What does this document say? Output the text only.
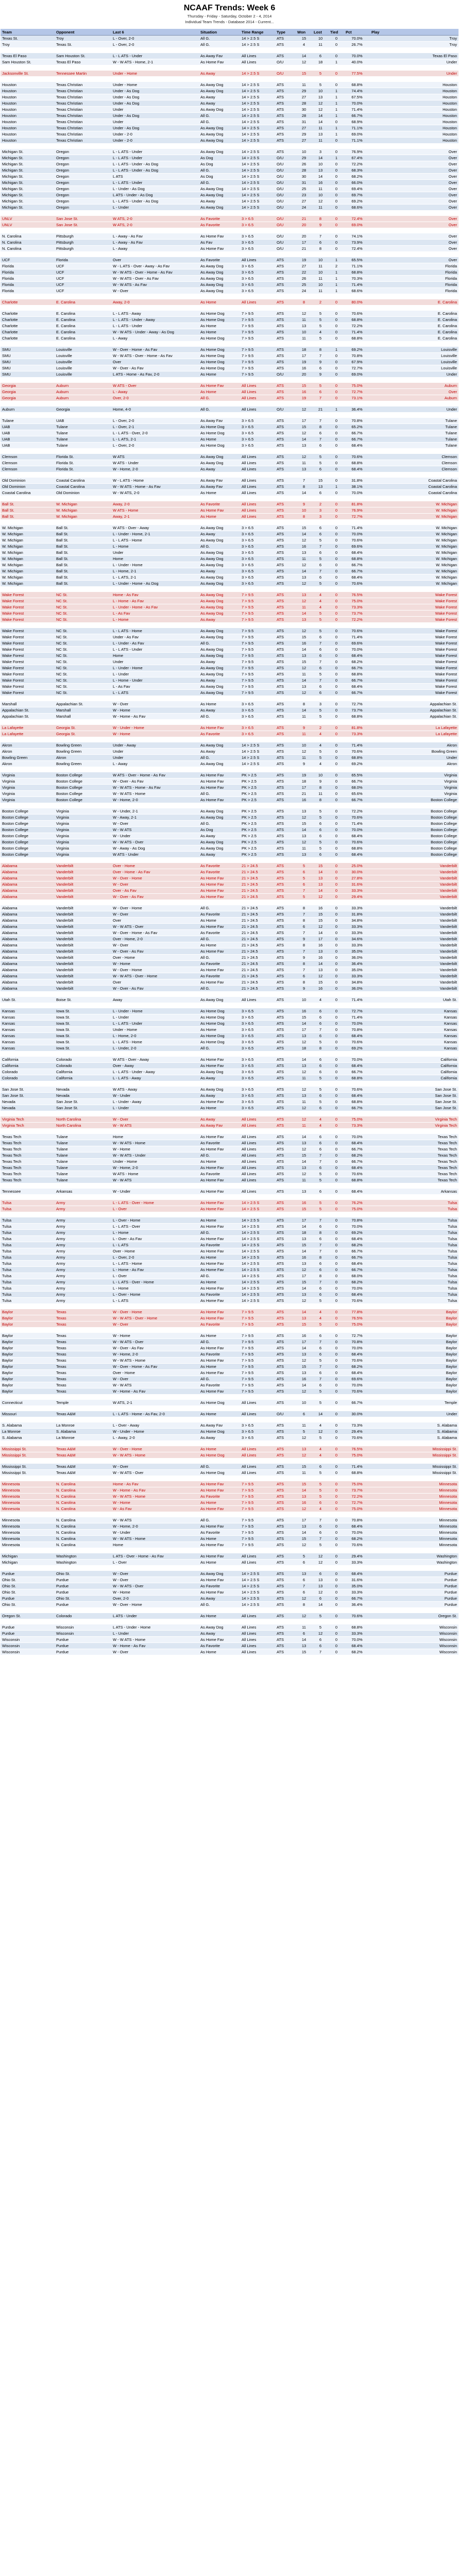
NCAAF Trends: Week 6
Thursday - Friday - Saturday, October 2 - 4, 2014
Individual Team Trends - Database 2014 - Current...
Team	Opponent	Last 6	Situation	Time Range	Type	Won	Lost	Tied	Pct	Play
Texas St.	Troy	L - Over, 2-0	All G.	14 > 2.5 S	ATS	15	10	0	70.0%	Troy
Troy	Texas St.	L - Over, 2-0	All G.	14 > 2.5 S	ATS	4	11	0	26.7%	Troy

Texas El Paso	Sam Houston St.	L - L ATS - Under	As Away Fav	All Lines	ATS	14	6	0	70.0%	Texas El Paso
Sam Houston St.	Texas El Paso	W - W ATS - Home, 2-1	As Home Fav	All Lines	O/U	12	18	1	40.0%	Under

Jacksonville St.	Tennessee Martin	Under - Home	As Away	14 > 2.5 S	O/U	15	5	0	77.5%	Under

Houston	Texas Christian	Under - Home	As Away Dog	14 > 2.5 S	ATS	11	5	0	68.8%	Houston
Houston	Texas Christian	Under - As Dog	As Away Dog	14 > 2.5 S	ATS	29	10	1	74.4%	Houston
Houston	Texas Christian	Under - As Dog	As Away	14 > 2.5 S	ATS	27	13	1	67.5%	Houston
Houston	Texas Christian	Under - As Dog	As Away	14 > 2.5 S	ATS	28	12	1	70.0%	Houston
Houston	Texas Christian	Under	As Away Dog	14 > 2.5 S	ATS	30	12	1	71.4%	Houston
Houston	Texas Christian	Under - As Dog	All G.	14 > 2.5 S	ATS	28	14	1	66.7%	Houston
Houston	Texas Christian	Under	All G.	14 > 2.5 S	ATS	31	14	0	68.9%	Houston
Houston	Texas Christian	Under - As Dog	As Away Dog	14 > 2.5 S	ATS	27	11	1	71.1%	Houston
Houston	Texas Christian	Under - 2-0	As Away Dog	14 > 2.5 S	ATS	29	13	1	69.0%	Houston
Houston	Texas Christian	Under - 2-0	As Away Dog	14 > 2.5 S	ATS	27	11	0	71.1%	Houston

Michigan St.	Oregon	L - L ATS - Under	As Away Dog	14 > 2.5 S	ATS	10	3	0	76.9%	Over
Michigan St.	Oregon	L - L ATS - Under	As Dog	14 > 2.5 S	O/U	29	14	1	67.4%	Over
Michigan St.	Oregon	L - L ATS - Under - As Dog	As Dog	14 > 2.5 S	O/U	26	10	0	72.2%	Over
Michigan St.	Oregon	L - L ATS - Under - As Dog	All G.	14 > 2.5 S	O/U	28	13	0	68.3%	Over
Michigan St.	Oregon	L ATS	As Dog	14 > 2.5 S	O/U	30	14	0	68.2%	Over
Michigan St.	Oregon	L - L ATS - Under	All G.	14 > 2.5 S	O/U	31	16	0	66.0%	Over
Michigan St.	Oregon	L - Under - As Dog	As Away Dog	14 > 2.5 S	O/U	25	11	0	69.4%	Over
Michigan St.	Oregon	L ATS - Under - As Dog	As Away Dog	14 > 2.5 S	O/U	23	10	0	69.7%	Over
Michigan St.	Oregon	L - L ATS - Under - As Dog	As Away	14 > 2.5 S	O/U	27	12	0	69.2%	Over
Michigan St.	Oregon	L - Under	As Away Dog	14 > 2.5 S	O/U	24	11	0	68.6%	Over

UNLV	San Jose St.	W ATS, 2-0	As Favorite	3 > 6.5	O/U	21	8	0	72.4%	Over
UNLV	San Jose St.	W ATS, 2-0	As Favorite	3 > 6.5	O/U	20	9	0	69.0%	Over

N. Carolina	Pittsburgh	L - Away - As Fav	As Home Fav	3 > 6.5	O/U	20	7	0	74.1%	Over
N. Carolina	Pittsburgh	L - Away - As Fav	As Fav	3 > 6.5	O/U	17	6	0	73.9%	Over
N. Carolina	Pittsburgh	L - Away	As Home Fav	3 > 6.5	O/U	21	8	0	72.4%	Over

UCF	Florida	Over	As Favorite	All Lines	ATS	19	10	1	65.5%	Over
Florida	UCF	W - L ATS - Over - Away - As Fav	As Away Dog	3 > 6.5	ATS	27	11	2	71.1%	Florida
Florida	UCF	W - W ATS - Over - Home - As Fav	As Away Dog	3 > 6.5	ATS	22	10	1	68.8%	Florida
Florida	UCF	W - W ATS - Over - As Fav	As Away Dog	3 > 6.5	ATS	26	11	1	70.3%	Florida
Florida	UCF	W - W ATS - As Fav	As Away Dog	3 > 6.5	ATS	25	10	1	71.4%	Florida
Florida	UCF	W - Over	As Away Dog	3 > 6.5	ATS	24	11	1	68.6%	Florida

Charlotte	E. Carolina	Away, 2-0	As Home	All Lines	ATS	8	2	0	80.0%	E. Carolina

Charlotte	E. Carolina	L - L ATS - Away	As Home Dog	7 > 9.5	ATS	12	5	0	70.6%	E. Carolina
Charlotte	E. Carolina	L - L ATS - Under - Away	As Home Dog	7 > 9.5	ATS	11	5	0	68.8%	E. Carolina
Charlotte	E. Carolina	L - L ATS - Under	As Home	7 > 9.5	ATS	13	5	0	72.2%	E. Carolina
Charlotte	E. Carolina	W - W ATS - Under - Away - As Dog	As Home	7 > 9.5	ATS	10	4	0	71.4%	E. Carolina
Charlotte	E. Carolina	L - Away	As Home Dog	7 > 9.5	ATS	11	5	0	68.8%	E. Carolina

SMU	Louisville	W - Over - Home - As Fav	As Home Dog	7 > 9.5	ATS	18	8	1	69.2%	Louisville
SMU	Louisville	W - W ATS - Over - Home - As Fav	As Home Dog	7 > 9.5	ATS	17	7	0	70.8%	Louisville
SMU	Louisville	Over	As Home Dog	7 > 9.5	ATS	19	9	0	67.9%	Louisville
SMU	Louisville	W - Over - As Fav	As Home Dog	7 > 9.5	ATS	16	6	0	72.7%	Louisville
SMU	Louisville	L ATS - Home - As Fav, 2-0	As Home	7 > 9.5	O/U	20	9	0	69.0%	Under

Georgia	Auburn	W ATS - Over	As Home Fav	All Lines	ATS	15	5	0	75.0%	Auburn
Georgia	Auburn	L - Away	As Home	All Lines	ATS	16	6	0	72.7%	Over
Georgia	Auburn	Over, 2-0	All G.	All Lines	ATS	19	7	0	73.1%	Auburn

Auburn	Georgia	Home, 4-0	All G.	All Lines	O/U	12	21	1	36.4%	Under

Tulane	UAB	L - Over, 2-0	As Away Fav	3 > 6.5	ATS	17	7	0	70.8%	Tulane
UAB	Tulane	L - Over, 2-1	As Home Dog	3 > 6.5	ATS	15	8	0	65.2%	Tulane
UAB	Tulane	L - L ATS - Over, 2-0	As Home Dog	3 > 6.5	ATS	12	6	0	66.7%	Tulane
UAB	Tulane	L - L ATS, 2-1	As Home	3 > 6.5	ATS	14	7	0	66.7%	Tulane
UAB	Tulane	L - Over, 2-0	As Home Dog	3 > 6.5	ATS	13	6	0	68.4%	Tulane

Clemson	Florida St.	W ATS	As Away Dog	All Lines	ATS	12	5	0	70.6%	Clemson
Clemson	Florida St.	W ATS - Under	As Away Dog	All Lines	ATS	11	5	0	68.8%	Clemson
Clemson	Florida St.	W - Home, 2-0	As Away	All Lines	ATS	13	6	0	68.4%	Clemson

Old Dominion	Coastal Carolina	W - L ATS - Home	As Away Fav	All Lines	ATS	7	15	0	31.8%	Coastal Carolina
Old Dominion	Coastal Carolina	W - W ATS - Home - As Fav	As Away Fav	All Lines	ATS	8	13	1	38.1%	Coastal Carolina
Coastal Carolina	Old Dominion	W - W ATS, 2-0	As Home	All Lines	ATS	14	6	0	70.0%	Coastal Carolina

Ball St.	W. Michigan	Away, 2-0	As Favorite	All Lines	ATS	9	2	0	81.8%	W. Michigan
Ball St.	W. Michigan	W ATS - Home	As Home Fav	All Lines	ATS	10	3	0	76.9%	W. Michigan
Ball St.	W. Michigan	Away, 2-1	As Home	All Lines	ATS	8	3	0	72.7%	W. Michigan

W. Michigan	Ball St.	W ATS - Over - Away	As Away Dog	3 > 6.5	ATS	15	6	0	71.4%	W. Michigan
W. Michigan	Ball St.	L - Under - Home, 2-1	As Away	3 > 6.5	ATS	14	6	0	70.0%	W. Michigan
W. Michigan	Ball St.	L - L ATS - Home	As Away Dog	3 > 6.5	ATS	12	5	0	70.6%	W. Michigan
W. Michigan	Ball St.	L - Home	All G.	3 > 6.5	ATS	16	7	0	69.6%	W. Michigan
W. Michigan	Ball St.	Under	As Away Dog	3 > 6.5	ATS	13	6	0	68.4%	W. Michigan
W. Michigan	Ball St.	Home	As Away Dog	3 > 6.5	ATS	11	5	0	68.8%	W. Michigan
W. Michigan	Ball St.	L - Under - Home	As Away Dog	3 > 6.5	ATS	12	6	0	66.7%	W. Michigan
W. Michigan	Ball St.	L - Home, 2-1	As Away	3 > 6.5	ATS	14	7	0	66.7%	W. Michigan
W. Michigan	Ball St.	L - L ATS, 2-1	As Away Dog	3 > 6.5	ATS	13	6	0	68.4%	W. Michigan
W. Michigan	Ball St.	L - Under - Home - As Dog	As Away Dog	3 > 6.5	ATS	12	5	0	70.6%	W. Michigan

Wake Forest	NC St.	Home - As Fav	As Away Dog	7 > 9.5	ATS	13	4	0	76.5%	Wake Forest
Wake Forest	NC St.	L - Home - As Fav	As Away Dog	7 > 9.5	ATS	12	4	0	75.0%	Wake Forest
Wake Forest	NC St.	L - Under - Home - As Fav	As Away Dog	7 > 9.5	ATS	11	4	0	73.3%	Wake Forest
Wake Forest	NC St.	L - As Fav	As Away Dog	7 > 9.5	ATS	14	5	0	73.7%	Wake Forest
Wake Forest	NC St.	L - Home	As Away	7 > 9.5	ATS	13	5	0	72.2%	Wake Forest

Wake Forest	NC St.	L - L ATS - Home	As Away Dog	7 > 9.5	ATS	12	5	0	70.6%	Wake Forest
Wake Forest	NC St.	Under - As Fav	As Away Dog	7 > 9.5	ATS	15	6	0	71.4%	Wake Forest
Wake Forest	NC St.	L - Under - As Fav	All G.	7 > 9.5	ATS	16	7	0	69.6%	Wake Forest
Wake Forest	NC St.	L - L ATS - Under	As Away Dog	7 > 9.5	ATS	14	6	0	70.0%	Wake Forest
Wake Forest	NC St.	Home	As Away Dog	7 > 9.5	ATS	13	6	0	68.4%	Wake Forest
Wake Forest	NC St.	Under	As Away	7 > 9.5	ATS	15	7	0	68.2%	Wake Forest
Wake Forest	NC St.	L - Under - Home	As Away Dog	7 > 9.5	ATS	12	6	0	66.7%	Wake Forest
Wake Forest	NC St.	L - Under	As Away Dog	7 > 9.5	ATS	11	5	0	68.8%	Wake Forest
Wake Forest	NC St.	L - Home - Under	As Away	7 > 9.5	ATS	14	7	0	66.7%	Wake Forest
Wake Forest	NC St.	L - As Fav	As Away Dog	7 > 9.5	ATS	13	6	0	68.4%	Wake Forest
Wake Forest	NC St.	L - L ATS	As Away Dog	7 > 9.5	ATS	12	6	0	66.7%	Wake Forest

Marshall	Appalachian St.	W - Over	As Home	3 > 6.5	ATS	8	3	0	72.7%	Appalachian St.
Appalachian St.	Marshall	W - Home	As Away	3 > 6.5	ATS	14	5	0	73.7%	Appalachian St.
Appalachian St.	Marshall	W - Home - As Fav	All G.	3 > 6.5	ATS	11	5	0	68.8%	Appalachian St.

La Lafayette	Georgia St.	W - Under - Home	As Home Fav	3 > 6.5	ATS	9	2	0	81.8%	La Lafayette
La Lafayette	Georgia St.	W - Home	As Favorite	3 > 6.5	ATS	11	4	0	73.3%	La Lafayette

Akron	Bowling Green	Under - Away	As Away Dog	14 > 2.5 S	ATS	10	4	0	71.4%	Akron
Akron	Bowling Green	Under	As Away	14 > 2.5 S	ATS	12	5	0	70.6%	Bowling Green
Bowling Green	Akron	Under	All G.	14 > 2.5 S	ATS	11	5	0	68.8%	Under
Akron	Bowling Green	L - Away	As Away Dog	14 > 2.5 S	ATS	9	4	0	69.2%	Akron

Virginia	Boston College	W ATS - Over - Home - As Fav	As Home Fav	PK > 2.5	ATS	19	10	0	65.5%	Virginia
Virginia	Boston College	W - Over - As Fav	As Home Fav	PK > 2.5	ATS	18	9	0	66.7%	Virginia
Virginia	Boston College	W - W ATS - Home - As Fav	As Home Fav	PK > 2.5	ATS	17	8	0	68.0%	Virginia
Virginia	Boston College	W - W ATS - Home	All G.	PK > 2.5	ATS	21	11	0	65.6%	Virginia
Virginia	Boston College	W - Home, 2-0	As Home Fav	PK > 2.5	ATS	16	8	0	66.7%	Boston College

Boston College	Virginia	W - Under, 2-1	As Away Dog	PK > 2.5	ATS	13	5	0	72.2%	Boston College
Boston College	Virginia	W - Away, 2-1	As Away Dog	PK > 2.5	ATS	12	5	0	70.6%	Boston College
Boston College	Virginia	W - Over	All G.	PK > 2.5	ATS	15	6	0	71.4%	Boston College
Boston College	Virginia	W - W ATS	As Dog	PK > 2.5	ATS	14	6	0	70.0%	Boston College
Boston College	Virginia	W - Under	As Away	PK > 2.5	ATS	13	6	0	68.4%	Boston College
Boston College	Virginia	W - W ATS - Over	As Away Dog	PK > 2.5	ATS	12	5	0	70.6%	Boston College
Boston College	Virginia	W - Away - As Dog	As Away Dog	PK > 2.5	ATS	11	5	0	68.8%	Boston College
Boston College	Virginia	W ATS - Under	As Away	PK > 2.5	ATS	13	6	0	68.4%	Boston College

Alabama	Vanderbilt	Over - Home	As Favorite	21 > 24.5	ATS	5	15	0	25.0%	Vanderbilt
Alabama	Vanderbilt	Over - Home - As Fav	As Favorite	21 > 24.5	ATS	6	14	0	30.0%	Vanderbilt
Alabama	Vanderbilt	W - Over - Home	As Home Fav	21 > 24.5	ATS	5	13	0	27.8%	Vanderbilt
Alabama	Vanderbilt	W - Over	As Home Fav	21 > 24.5	ATS	6	13	0	31.6%	Vanderbilt
Alabama	Vanderbilt	Over - As Fav	As Home Fav	21 > 24.5	ATS	7	14	0	33.3%	Vanderbilt
Alabama	Vanderbilt	W - Over - As Fav	As Home Fav	21 > 24.5	ATS	5	12	0	29.4%	Vanderbilt

Alabama	Vanderbilt	W - Over - Home	All G.	21 > 24.5	ATS	8	16	0	33.3%	Vanderbilt
Alabama	Vanderbilt	W - Over	As Favorite	21 > 24.5	ATS	7	15	0	31.8%	Vanderbilt
Alabama	Vanderbilt	Over	As Home	21 > 24.5	ATS	8	15	0	34.8%	Vanderbilt
Alabama	Vanderbilt	W - W ATS - Over	As Home Fav	21 > 24.5	ATS	6	12	0	33.3%	Vanderbilt
Alabama	Vanderbilt	W - Over - Home - As Fav	As Favorite	21 > 24.5	ATS	7	14	0	33.3%	Vanderbilt
Alabama	Vanderbilt	Over - Home, 2-0	All G.	21 > 24.5	ATS	9	17	0	34.6%	Vanderbilt
Alabama	Vanderbilt	W - Over	As Home	21 > 24.5	ATS	8	16	0	33.3%	Vanderbilt
Alabama	Vanderbilt	W - Over - As Fav	As Home Fav	21 > 24.5	ATS	7	13	0	35.0%	Vanderbilt
Alabama	Vanderbilt	Over - Home	All G.	21 > 24.5	ATS	9	16	0	36.0%	Vanderbilt
Alabama	Vanderbilt	W - Home	As Favorite	21 > 24.5	ATS	8	14	0	36.4%	Vanderbilt
Alabama	Vanderbilt	W - Over - Home	As Home Fav	21 > 24.5	ATS	7	13	0	35.0%	Vanderbilt
Alabama	Vanderbilt	W - W ATS - Over - Home	As Favorite	21 > 24.5	ATS	6	12	0	33.3%	Vanderbilt
Alabama	Vanderbilt	Over	As Home Fav	21 > 24.5	ATS	8	15	0	34.8%	Vanderbilt
Alabama	Vanderbilt	W - Over - As Fav	All G.	21 > 24.5	ATS	9	16	0	36.0%	Vanderbilt

Utah St.	Boise St.	Away	As Away Dog	All Lines	ATS	10	4	0	71.4%	Utah St.

Kansas	Iowa St.	L - Under - Home	As Home Dog	3 > 6.5	ATS	16	6	0	72.7%	Kansas
Kansas	Iowa St.	L - Under	As Home Dog	3 > 6.5	ATS	15	6	0	71.4%	Kansas
Kansas	Iowa St.	L - L ATS - Under	As Home Dog	3 > 6.5	ATS	14	6	0	70.0%	Kansas
Kansas	Iowa St.	Under - Home	As Home	3 > 6.5	ATS	17	7	0	70.8%	Kansas
Kansas	Iowa St.	L - Home, 2-0	As Home Dog	3 > 6.5	ATS	13	6	0	68.4%	Kansas
Kansas	Iowa St.	L - L ATS - Home	As Home Dog	3 > 6.5	ATS	12	5	0	70.6%	Kansas
Kansas	Iowa St.	L - Under, 2-0	All G.	3 > 6.5	ATS	18	8	0	69.2%	Kansas

California	Colorado	W ATS - Over - Away	As Home Fav	3 > 6.5	ATS	14	6	0	70.0%	California
California	Colorado	Over - Away	As Home Fav	3 > 6.5	ATS	13	6	0	68.4%	California
Colorado	California	L - L ATS - Under - Away	As Away Dog	3 > 6.5	ATS	12	6	0	66.7%	California
Colorado	California	L - L ATS - Away	As Away	3 > 6.5	ATS	11	5	0	68.8%	California

San Jose St.	Nevada	W ATS - Away	As Away Dog	3 > 6.5	ATS	12	5	0	70.6%	San Jose St.
San Jose St.	Nevada	W - Under	As Away	3 > 6.5	ATS	13	6	0	68.4%	San Jose St.
Nevada	San Jose St.	L - Under - Away	As Home Fav	3 > 6.5	ATS	11	5	0	68.8%	San Jose St.
Nevada	San Jose St.	L - Under	As Home	3 > 6.5	ATS	12	6	0	66.7%	San Jose St.

Virginia Tech	North Carolina	W - Over	As Away	All Lines	ATS	12	4	0	75.0%	Virginia Tech
Virginia Tech	North Carolina	W - W ATS	As Away Fav	All Lines	ATS	11	4	0	73.3%	Virginia Tech

Texas Tech	Tulane	Home	As Home Fav	All Lines	ATS	14	6	0	70.0%	Texas Tech
Texas Tech	Tulane	W - W ATS - Home	As Favorite	All Lines	ATS	13	6	0	68.4%	Texas Tech
Texas Tech	Tulane	W - Home	As Home Fav	All Lines	ATS	12	6	0	66.7%	Texas Tech
Texas Tech	Tulane	W - W ATS - Under	All G.	All Lines	ATS	15	7	0	68.2%	Texas Tech
Texas Tech	Tulane	Under - Home	As Home	All Lines	ATS	14	7	0	66.7%	Texas Tech
Texas Tech	Tulane	W - Home, 2-0	As Home Fav	All Lines	ATS	13	6	0	68.4%	Texas Tech
Texas Tech	Tulane	W ATS - Home	As Favorite	All Lines	ATS	12	5	0	70.6%	Texas Tech
Texas Tech	Tulane	W - W ATS	As Home Fav	All Lines	ATS	11	5	0	68.8%	Texas Tech

Tennessee	Arkansas	W - Under	As Home Fav	All Lines	ATS	13	6	0	68.4%	Arkansas

Tulsa	Army	L - L ATS - Over - Home	As Home Fav	14 > 2.5 S	ATS	16	5	0	76.2%	Tulsa
Tulsa	Army	L - Over	As Home Fav	14 > 2.5 S	ATS	15	5	0	75.0%	Tulsa

Tulsa	Army	L - Over - Home	As Home	14 > 2.5 S	ATS	17	7	0	70.8%	Tulsa
Tulsa	Army	L - L ATS - Over	As Home Fav	14 > 2.5 S	ATS	14	6	0	70.0%	Tulsa
Tulsa	Army	L - Home	All G.	14 > 2.5 S	ATS	18	8	0	69.2%	Tulsa
Tulsa	Army	L - Over - As Fav	As Home Fav	14 > 2.5 S	ATS	13	6	0	68.4%	Tulsa
Tulsa	Army	L - L ATS	As Favorite	14 > 2.5 S	ATS	15	7	0	68.2%	Tulsa
Tulsa	Army	Over - Home	As Home Fav	14 > 2.5 S	ATS	14	7	0	66.7%	Tulsa
Tulsa	Army	L - Over, 2-0	As Home	14 > 2.5 S	ATS	16	8	0	66.7%	Tulsa
Tulsa	Army	L - L ATS - Home	As Home Fav	14 > 2.5 S	ATS	13	6	0	68.4%	Tulsa
Tulsa	Army	L - Home - As Fav	As Home Fav	14 > 2.5 S	ATS	12	6	0	66.7%	Tulsa
Tulsa	Army	L - Over	All G.	14 > 2.5 S	ATS	17	8	0	68.0%	Tulsa
Tulsa	Army	L - L ATS - Over - Home	As Home	14 > 2.5 S	ATS	15	7	0	68.2%	Tulsa
Tulsa	Army	L - Home	As Home Fav	14 > 2.5 S	ATS	14	6	0	70.0%	Tulsa
Tulsa	Army	L - Over - Home	As Favorite	14 > 2.5 S	ATS	13	6	0	68.4%	Tulsa
Tulsa	Army	L - L ATS	As Home Fav	14 > 2.5 S	ATS	12	5	0	70.6%	Tulsa

Baylor	Texas	W - Over - Home	As Home Fav	7 > 9.5	ATS	14	4	0	77.8%	Baylor
Baylor	Texas	W - W ATS - Over - Home	As Home Fav	7 > 9.5	ATS	13	4	0	76.5%	Baylor
Baylor	Texas	W - Over	As Favorite	7 > 9.5	ATS	15	5	0	75.0%	Baylor

Baylor	Texas	W - Home	As Home	7 > 9.5	ATS	16	6	0	72.7%	Baylor
Baylor	Texas	W - W ATS - Over	All G.	7 > 9.5	ATS	17	7	0	70.8%	Baylor
Baylor	Texas	W - Over - As Fav	As Home Fav	7 > 9.5	ATS	14	6	0	70.0%	Baylor
Baylor	Texas	W - Home, 2-0	As Favorite	7 > 9.5	ATS	13	6	0	68.4%	Baylor
Baylor	Texas	W - W ATS - Home	As Home Fav	7 > 9.5	ATS	12	5	0	70.6%	Baylor
Baylor	Texas	W - Over - Home - As Fav	As Home	7 > 9.5	ATS	15	7	0	68.2%	Baylor
Baylor	Texas	Over - Home	As Home Fav	7 > 9.5	ATS	13	6	0	68.4%	Baylor
Baylor	Texas	W - Over	All G.	7 > 9.5	ATS	16	7	0	69.6%	Baylor
Baylor	Texas	W - W ATS	As Favorite	7 > 9.5	ATS	14	6	0	70.0%	Baylor
Baylor	Texas	W - Home - As Fav	As Home Fav	7 > 9.5	ATS	12	5	0	70.6%	Baylor

Connecticut	Temple	W ATS, 2-1	As Home Dog	All Lines	ATS	10	5	0	66.7%	Temple

Missouri	Texas A&M	L - L ATS - Home - As Fav, 2-0	As Home	All Lines	O/U	6	14	0	30.0%	Under

S. Alabama	La Monroe	L - Over - Away	As Away Fav	3 > 6.5	ATS	11	4	0	73.3%	S. Alabama
La Monroe	S. Alabama	W - Under - Home	As Home Dog	3 > 6.5	ATS	5	12	0	29.4%	S. Alabama
S. Alabama	La Monroe	L - Away, 2-0	As Away	3 > 6.5	ATS	12	5	0	70.6%	S. Alabama

Mississippi St.	Texas A&M	W - Over - Home	As Home	All Lines	ATS	13	4	0	76.5%	Mississippi St.
Mississippi St.	Texas A&M	W - W ATS - Home	As Home Dog	All Lines	ATS	12	4	0	75.0%	Mississippi St.

Mississippi St.	Texas A&M	W - Over	All G.	All Lines	ATS	15	6	0	71.4%	Mississippi St.
Mississippi St.	Texas A&M	W - W ATS - Over	As Home Dog	All Lines	ATS	11	5	0	68.8%	Mississippi St.

Minnesota	N. Carolina	Home - As Fav	As Home Fav	7 > 9.5	ATS	15	5	0	75.0%	Minnesota
Minnesota	N. Carolina	W - Home - As Fav	As Home Fav	7 > 9.5	ATS	14	5	0	73.7%	Minnesota
Minnesota	N. Carolina	W - W ATS - Home	As Favorite	7 > 9.5	ATS	13	5	0	72.2%	Minnesota
Minnesota	N. Carolina	W - Home	As Home	7 > 9.5	ATS	16	6	0	72.7%	Minnesota
Minnesota	N. Carolina	W - As Fav	As Home Fav	7 > 9.5	ATS	12	4	0	75.0%	Minnesota

Minnesota	N. Carolina	W - W ATS	All G.	7 > 9.5	ATS	17	7	0	70.8%	Minnesota
Minnesota	N. Carolina	W - Home, 2-0	As Home Fav	7 > 9.5	ATS	13	6	0	68.4%	Minnesota
Minnesota	N. Carolina	W - Under	As Favorite	7 > 9.5	ATS	14	6	0	70.0%	Minnesota
Minnesota	N. Carolina	W - W ATS - Home	As Home	7 > 9.5	ATS	15	7	0	68.2%	Minnesota
Minnesota	N. Carolina	Home	As Home Fav	7 > 9.5	ATS	12	5	0	70.6%	Minnesota

Michigan	Washington	L ATS - Over - Home - As Fav	As Home Fav	All Lines	ATS	5	12	0	29.4%	Washington
Michigan	Washington	L - Over	As Home	All Lines	ATS	6	12	0	33.3%	Washington

Purdue	Ohio St.	W - Over	As Away Dog	14 > 2.5 S	ATS	13	6	0	68.4%	Purdue
Ohio St.	Purdue	W - Over	As Home Fav	14 > 2.5 S	ATS	6	13	0	31.6%	Purdue
Ohio St.	Purdue	W - W ATS - Over	As Favorite	14 > 2.5 S	ATS	7	13	0	35.0%	Purdue
Ohio St.	Purdue	W - Home	As Home Fav	14 > 2.5 S	ATS	6	12	0	33.3%	Purdue
Purdue	Ohio St.	Over, 2-0	As Away	14 > 2.5 S	ATS	12	6	0	66.7%	Purdue
Ohio St.	Purdue	W - Over - Home	All G.	14 > 2.5 S	ATS	8	14	0	36.4%	Purdue

Oregon St.	Colorado	L ATS - Under	As Home	All Lines	ATS	12	5	0	70.6%	Oregon St.

Purdue	Wisconsin	L ATS - Under - Home	As Away Dog	All Lines	ATS	11	5	0	68.8%	Wisconsin
Purdue	Wisconsin	L - Under	As Away	All Lines	ATS	6	12	0	33.3%	Wisconsin
Wisconsin	Purdue	W - W ATS - Home	As Home Fav	All Lines	ATS	14	6	0	70.0%	Wisconsin
Wisconsin	Purdue	W - Home - As Fav	As Favorite	All Lines	ATS	13	6	0	68.4%	Wisconsin
Wisconsin	Purdue	W - Over	As Home	All Lines	ATS	15	7	0	68.2%	Wisconsin
